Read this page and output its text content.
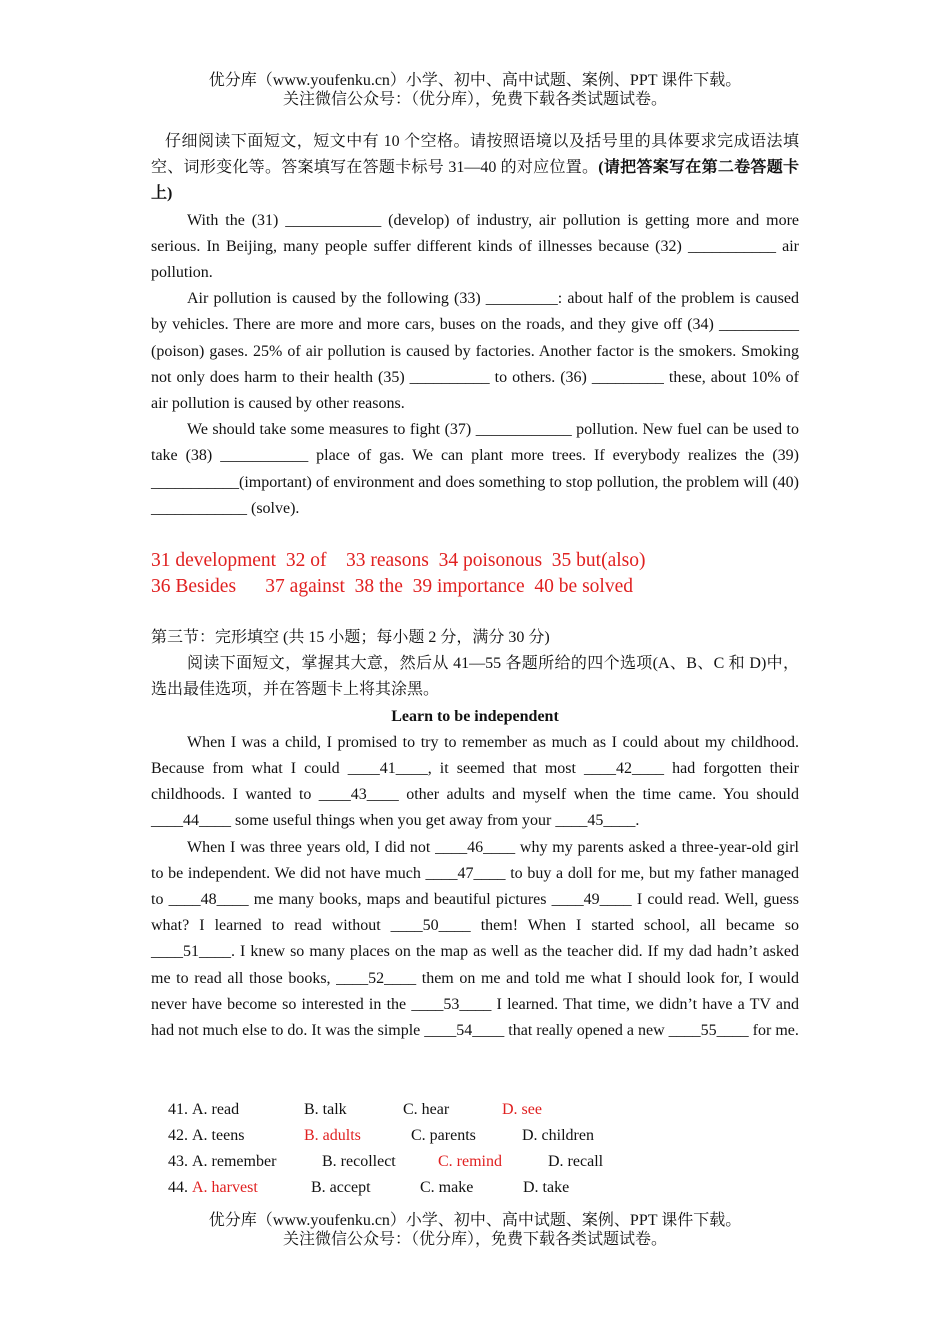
优分库（www.youfenku.cn）小学、初中、高中试题、案例、PPT 课件下载。
关注微信公众号：（优分库），免费下载各类试题试卷。

仔细阅读下面短文，短文中有 10 个空格。请按照语境以及括号里的具体要求完成语法填空、词形变化等。答案填写在答题卡标号 31—40 的对应位置。(请把答案写在第二卷答题卡上)

With the (31) ____________ (develop) of industry, air pollution is getting more and more serious. In Beijing, many people suffer different kinds of illnesses because (32) ___________ air pollution.

Air pollution is caused by the following (33) _________: about half of the problem is caused by vehicles. There are more and more cars, buses on the roads, and they give off (34) __________ (poison) gases. 25% of air pollution is caused by factories. Another factor is the smokers. Smoking not only does harm to their health (35) __________ to others. (36) _________ these, about 10% of air pollution is caused by other reasons.

We should take some measures to fight (37) ____________ pollution. New fuel can be used to take (38) ___________ place of gas. We can plant more trees. If everybody realizes the (39) ___________(important) of environment and does something to stop pollution, the problem will (40) ____________ (solve).

31 development  32 of    33 reasons  34 poisonous  35 but(also)
36 Besides      37 against  38 the  39 importance  40 be solved

第三节：完形填空 (共 15 小题；每小题 2 分，满分 30 分)

阅读下面短文，掌握其大意，然后从 41—55 各题所给的四个选项(A、B、C 和 D)中，选出最佳选项，并在答题卡上将其涂黑。

Learn to be independent

When I was a child, I promised to try to remember as much as I could about my childhood. Because from what I could ____41____, it seemed that most ____42____ had forgotten their childhoods. I wanted to ____43____ other adults and myself when the time came. You should ____44____ some useful things when you get away from your ____45____.

When I was three years old, I did not ____46____ why my parents asked a three-year-old girl to be independent. We did not have much ____47____ to buy a doll for me, but my father managed to ____48____ me many books, maps and beautiful pictures ____49____ I could read. Well, guess what? I learned to read without ____50____ them! When I started school, all became so ____51____. I knew so many places on the map as well as the teacher did. If my dad hadn’t asked me to read all those books, ____52____ them on me and told me what I should look for, I would never have become so interested in the ____53____ I learned. That time, we didn’t have a TV and had not much else to do. It was the simple ____54____ that really opened a new ____55____ for me.

41. A. read	B. talk	C. hear	D. see
42. A. teens	B. adults	C. parents	D. children
43. A. remember	B. recollect	C. remind	D. recall
44. A. harvest	B. accept	C. make	D. take
优分库（www.youfenku.cn）小学、初中、高中试题、案例、PPT 课件下载。
关注微信公众号：（优分库），免费下载各类试题试卷。
